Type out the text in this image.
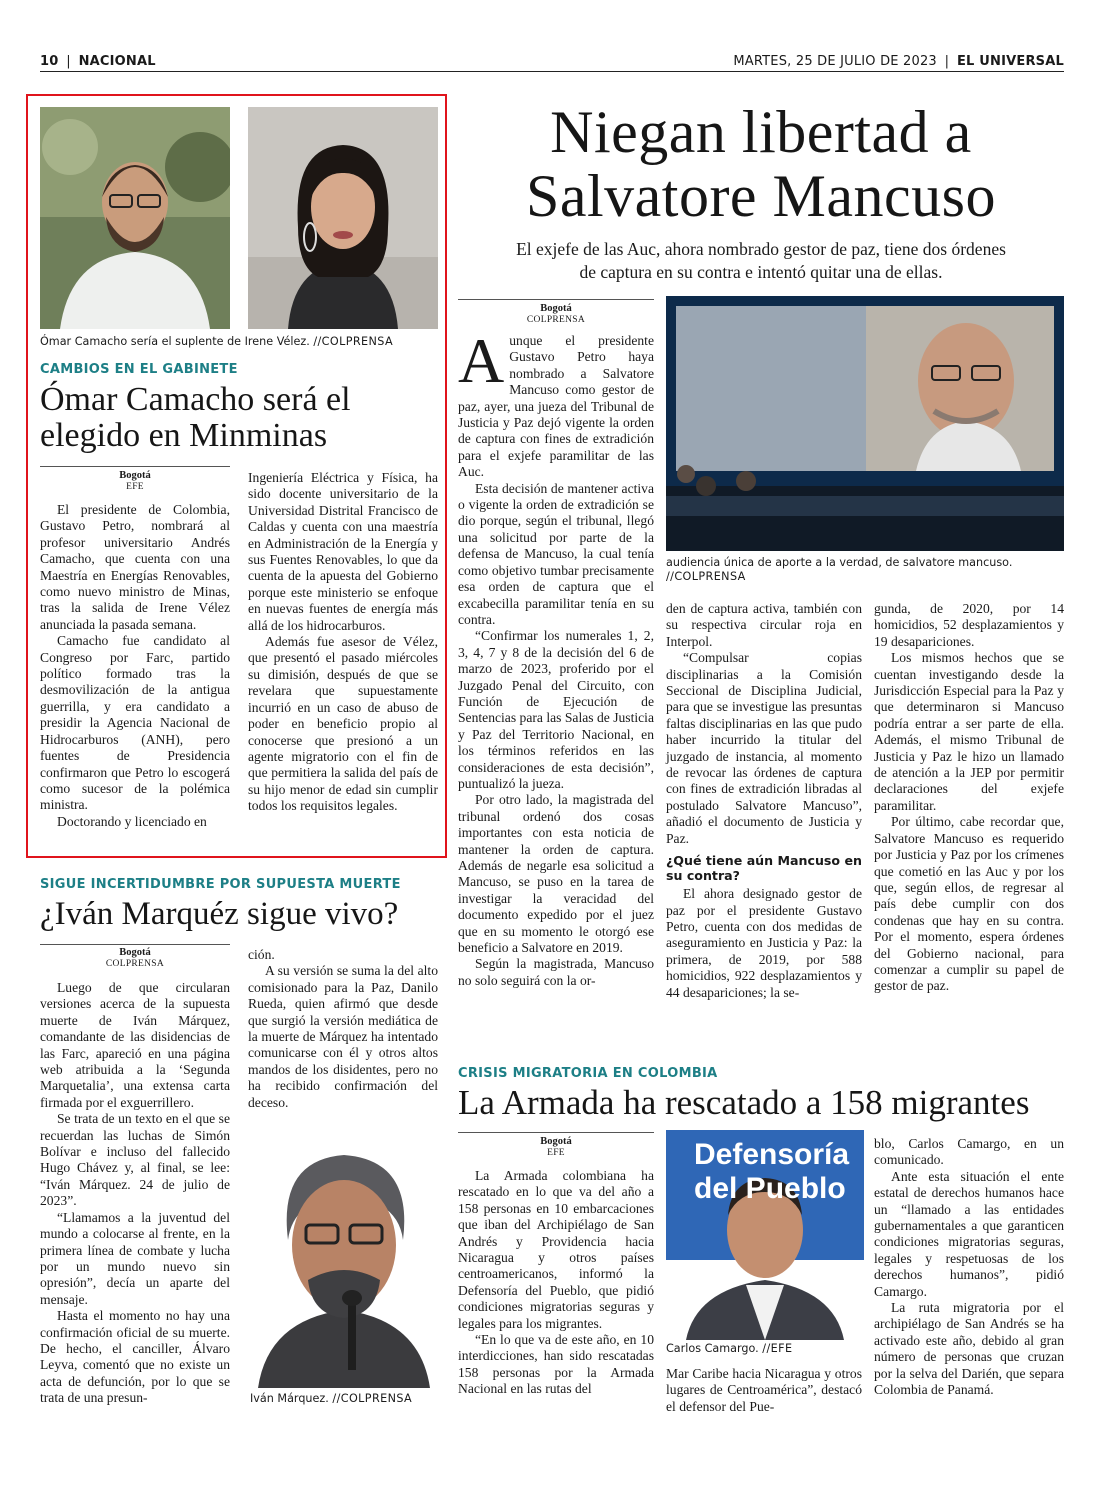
10 | NACIONAL	MARTES, 25 DE JULIO DE 2023 | EL UNIVERSAL
Ómar Camacho sería el suplente de Irene Vélez. //COLPRENSA
CAMBIOS EN EL GABINETE
Ómar Camacho será el
elegido en Minminas
Bogotá
EFE

El presidente de Colombia, Gustavo Petro, nombrará al profesor universitario Andrés Camacho, que cuenta con una Maestría en Energías Renovables, como nuevo ministro de Minas, tras la salida de Irene Vélez anunciada la pasada semana.

Camacho fue candidato al Congreso por Farc, partido político formado tras la desmovilización de la antigua guerrilla, y era candidato a presidir la Agencia Nacional de Hidrocarburos (ANH), pero fuentes de Presidencia confirmaron que Petro lo escogerá como sucesor de la polémica ministra.

Doctorando y licenciado en

Ingeniería Eléctrica y Física, ha sido docente universitario de la Universidad Distrital Francisco de Caldas y cuenta con una maestría en Administración de la Energía y sus Fuentes Renovables, lo que da cuenta de la apuesta del Gobierno porque este ministerio se enfoque en nuevas fuentes de energía más allá de los hidrocarburos.

Además fue asesor de Vélez, que presentó el pasado miércoles su dimisión, después de que se revelara que supuestamente incurrió en un caso de abuso de poder en beneficio propio al conocerse que presionó a un agente migratorio con el fin de que permitiera la salida del país de su hijo menor de edad sin cumplir todos los requisitos legales.

SIGUE INCERTIDUMBRE POR SUPUESTA MUERTE
¿Iván Marquéz sigue vivo?
Bogotá
COLPRENSA

Luego de que circularan versiones acerca de la supuesta muerte de Iván Márquez, comandante de las disidencias de las Farc, apareció en una página web atribuida a la ‘Segunda Marquetalia’, una extensa carta firmada por el exguerrillero.

Se trata de un texto en el que se recuerdan las luchas de Simón Bolívar e incluso del fallecido Hugo Chávez y, al final, se lee: “Iván Márquez. 24 de julio de 2023”.

“Llamamos a la juventud del mundo a colocarse al frente, en la primera línea de combate y lucha por un mundo nuevo sin opresión”, decía un aparte del mensaje.

Hasta el momento no hay una confirmación oficial de su muerte. De hecho, el canciller, Álvaro Leyva, comentó que no existe un acta de defunción, por lo que se trata de una presun-

ción.

A su versión se suma la del alto comisionado para la Paz, Danilo Rueda, quien afirmó que desde que surgió la versión mediática de la muerte de Márquez ha intentado comunicarse con él y otros altos mandos de los disidentes, pero no ha recibido confirmación del deceso.

Iván Márquez. //COLPRENSA
Niegan libertad a
Salvatore Mancuso
El exjefe de las Auc, ahora nombrado gestor de paz, tiene dos órdenes
de captura en su contra e intentó quitar una de ellas.
Bogotá
COLPRENSA

Aunque el presidente Gustavo Petro haya nombrado a Salvatore Mancuso como gestor de paz, ayer, una jueza del Tribunal de Justicia y Paz dejó vigente la orden de captura con fines de extradición para el exjefe paramilitar de las Auc.

Esta decisión de mantener activa o vigente la orden de extradición se dio porque, según el tribunal, llegó una solicitud por parte de la defensa de Mancuso, la cual tenía como objetivo tumbar precisamente esa orden de captura que el excabecilla paramilitar tenía en su contra.

“Confirmar los numerales 1, 2, 3, 4, 7 y 8 de la decisión del 6 de marzo de 2023, proferido por el Juzgado Penal del Circuito, con Función de Ejecución de Sentencias para las Salas de Justicia y Paz del Territorio Nacional, en los términos referidos en las consideraciones de esta decisión”, puntualizó la jueza.

Por otro lado, la magistrada del tribunal ordenó dos cosas importantes con esta noticia de mantener la orden de captura. Además de negarle esa solicitud a Mancuso, se puso en la tarea de investigar la veracidad del documento expedido por el juez que en su momento le otorgó ese beneficio a Salvatore en 2019.

Según la magistrada, Mancuso no solo seguirá con la or-

audiencia única de aporte a la verdad, de salvatore mancuso. //COLPRENSA

den de captura activa, también con su respectiva circular roja en Interpol.

“Compulsar copias disciplinarias a la Comisión Seccional de Disciplina Judicial, para que se investigue las presuntas faltas disciplinarias en las que pudo haber incurrido la titular del juzgado de instancia, al momento de revocar las órdenes de captura con fines de extradición libradas al postulado Salvatore Mancuso”, añadió el documento de Justicia y Paz.

¿Qué tiene aún Mancuso en su contra?

El ahora designado gestor de paz por el presidente Gustavo Petro, cuenta con dos medidas de aseguramiento en Justicia y Paz: la primera, de 2019, por 588 homicidios, 922 desplazamientos y 44 desapariciones; la se-

gunda, de 2020, por 14 homicidios, 52 desplazamientos y 19 desapariciones.

Los mismos hechos que se cuentan investigando desde la Jurisdicción Especial para la Paz y que determinaron si Mancuso podría entrar a ser parte de ella. Además, el mismo Tribunal de Justicia y Paz le hizo un llamado de atención a la JEP por permitir declaraciones del exjefe paramilitar.

Por último, cabe recordar que, Salvatore Mancuso es requerido por Justicia y Paz por los crímenes que cometió en las Auc y por los que, según ellos, de regresar al país debe cumplir con dos condenas que hay en su contra. Por el momento, espera órdenes del Gobierno nacional, para comenzar a cumplir su papel de gestor de paz.

CRISIS MIGRATORIA EN COLOMBIA
La Armada ha rescatado a 158 migrantes
Bogotá
EFE

La Armada colombiana ha rescatado en lo que va del año a 158 personas en 10 embarcaciones que iban del Archipiélago de San Andrés y Providencia hacia Nicaragua y otros países centroamericanos, informó la Defensoría del Pueblo, que pidió condiciones migratorias seguras y legales para los migrantes.

“En lo que va de este año, en 10 interdicciones, han sido rescatadas 158 personas por la Armada Nacional en las rutas del

Defensoría
del Pueblo
Carlos Camargo. //EFE

Mar Caribe hacia Nicaragua y otros lugares de Centroamérica”, destacó el defensor del Pue-

blo, Carlos Camargo, en un comunicado.

Ante esta situación el ente estatal de derechos humanos hace un “llamado a las entidades gubernamentales a que garanticen condiciones migratorias seguras, legales y respetuosas de los derechos humanos”, pidió Camargo.

La ruta migratoria por el archipiélago de San Andrés se ha activado este año, debido al gran número de personas que cruzan por la selva del Darién, que separa Colombia de Panamá.
